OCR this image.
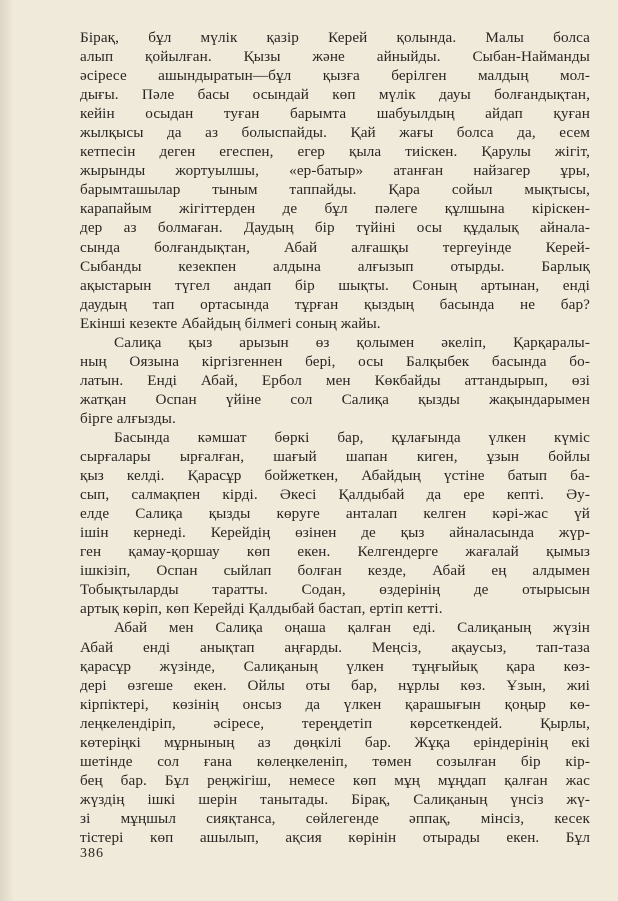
Бірақ, бұл мүлік қазір Керей қолында. Малы болса
алып қойылған. Қызы және айныйды. Сыбан-Найманды
әсіресе ашындыратын—бұл қызға берілген малдың мол-
дығы. Пәле басы осындай көп мүлік дауы болғандықтан,
кейін осыдан туған барымта шабуылдың айдап қуған
жылқысы да аз болыспайды. Қай жағы болса да, есем
кетпесін деген егеспен, егер қыла тиіскен. Қарулы жігіт,
жырынды жортуылшы, «ер-батыр» атанған найзагер ұры,
барымташылар тыным таппайды. Қара сойыл мықтысы,
карапайым жігіттерден де бұл пәлеге құлшына кіріскен-
дер аз болмаған. Даудың бір түйіні осы құдалық айнала-
сында болғандықтан, Абай алғашқы тергеуінде Керей-
Сыбанды кезекпен алдына алғызып отырды. Барлық
ақыстарын түгел андап бір шықты. Соның артынан, енді
даудың тап ортасында тұрған қыздың басында не бар?
Екінші кезекте Абайдың білмегі соның жайы.
Салиқа қыз арызын өз қолымен әкеліп, Қарқаралы-
ның Оязына кіргізгеннен бері, осы Балқыбек басында бо-
латын. Енді Абай, Ербол мен Көкбайды аттандырып, өзі
жатқан Оспан үйіне сол Салиқа қызды жақындарымен
бірге алғызды.
Басында кәмшат бөркі бар, құлағында үлкен күміс
сырғалары ырғалған, шағый шапан киген, ұзын бойлы
қыз келді. Қарасұр бойжеткен, Абайдың үстіне батып ба-
сып, салмақпен кірді. Әкесі Қалдыбай да ере кепті. Әу-
елде Салиқа қызды көруге анталап келген кәрі-жас үй
ішін кернеді. Керейдің өзінен де қыз айналасында жүр-
ген қамау-қоршау көп екен. Келгендерге жағалай қымыз
ішкізіп, Оспан сыйлап болған кезде, Абай ең алдымен
Тобықтыларды таратты. Содан, өздерінің де отырысын
артық көріп, көп Керейді Қалдыбай бастап, ертіп кетті.
Абай мен Салиқа оңаша қалған еді. Салиқаның жүзін
Абай енді анықтап аңғарды. Меңсіз, ақаусыз, тап-таза
қарасұр жүзінде, Салиқаның үлкен тұңғыйық қара көз-
дері өзгеше екен. Ойлы оты бар, нұрлы көз. Ұзын, жиі
кірпіктері, көзінің онсыз да үлкен қарашығын қоңыр кө-
леңкелендіріп, әсіресе, тереңдетіп көрсеткендей. Қырлы,
көтеріңкі мұрнының аз дөңкілі бар. Жұқа еріндерінің екі
шетінде сол ғана көлеңкеленіп, төмен созылған бір кір-
бең бар. Бұл реңжігіш, немесе көп мұң мұңдап қалған жас
жүздің ішкі шерін танытады. Бірақ, Салиқаның үнсіз жү-
зі мұңшыл сияқтанса, сөйлегенде әппақ, мінсіз, кесек
тістері көп ашылып, ақсия көрінін отырады екен. Бұл
386
